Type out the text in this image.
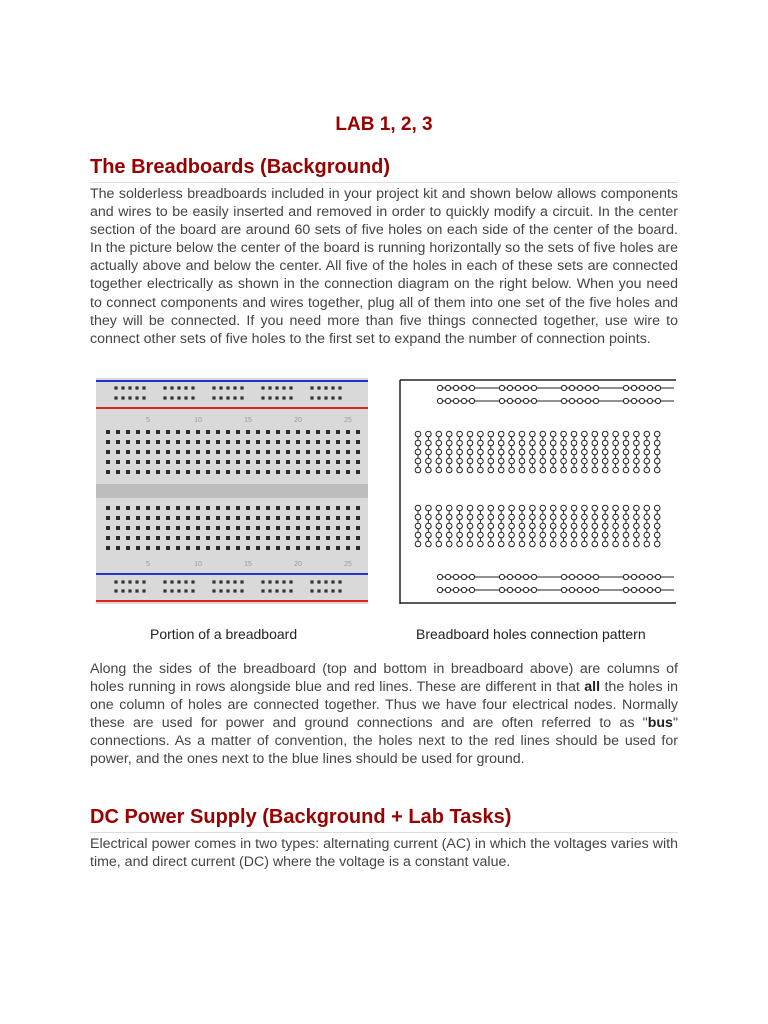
LAB 1, 2, 3
The Breadboards (Background)

The solderless breadboards included in your project kit and shown below allows components and wires to be easily inserted and removed in order to quickly modify a circuit. In the center section of the board are around 60 sets of five holes on each side of the center of the board. In the picture below the center of the board is running horizontally so the sets of five holes are actually above and below the center. All five of the holes in each of these sets are connected together electrically as shown in the connection diagram on the right below. When you need to connect components and wires together, plug all of them into one set of the five holes and they will be connected. If you need more than five things connected together, use wire to connect other sets of five holes to the first set to expand the number of connection points.

5
5
10
10
15
15
20
20
25
25

Portion of a breadboard	Breadboard holes connection pattern

Along the sides of the breadboard (top and bottom in breadboard above) are columns of holes running in rows alongside blue and red lines. These are different in that all the holes in one column of holes are connected together. Thus we have four electrical nodes. Normally these are used for power and ground connections and are often referred to as "bus" connections. As a matter of convention, the holes next to the red lines should be used for power, and the ones next to the blue lines should be used for ground.

DC Power Supply (Background + Lab Tasks)

Electrical power comes in two types: alternating current (AC) in which the voltages varies with time, and direct current (DC) where the voltage is a constant value.
